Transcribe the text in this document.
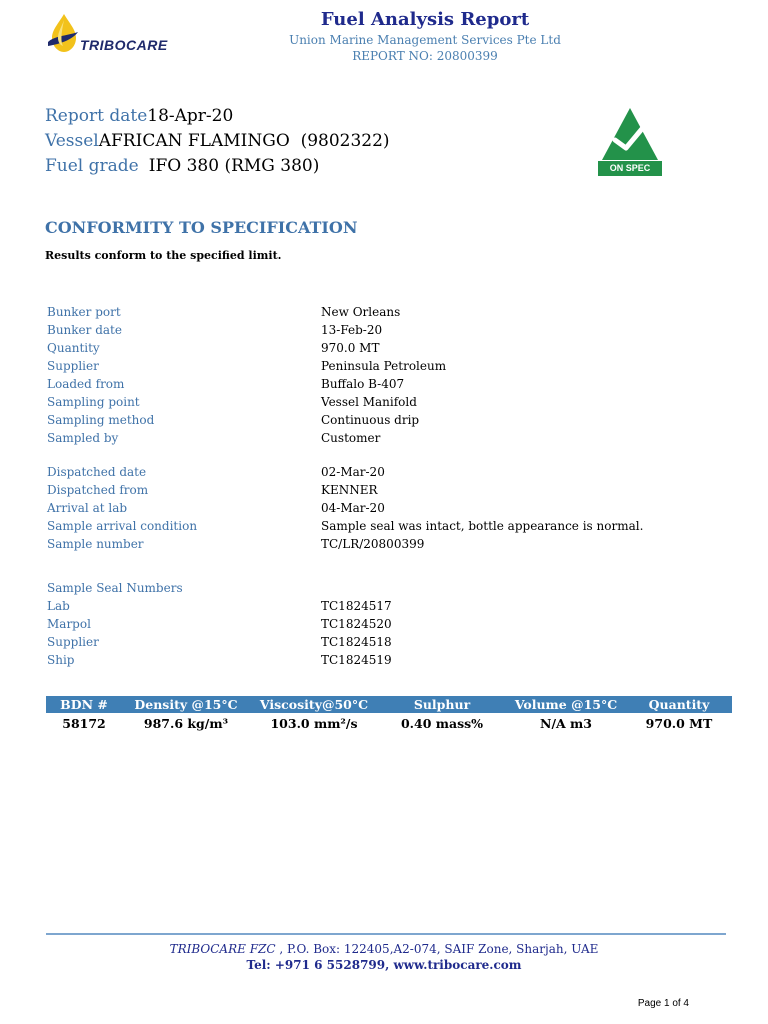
TRIBOCARE
Fuel Analysis Report
Union Marine Management Services Pte Ltd
REPORT NO: 20800399
Report date18-Apr-20
VesselAFRICAN FLAMINGO  (9802322)
Fuel grade IFO 380 (RMG 380)	ON SPEC
CONFORMITY TO SPECIFICATION
Results conform to the specified limit.
Bunker port	New Orleans
Bunker date	13-Feb-20
Quantity	970.0 MT
Supplier	Peninsula Petroleum
Loaded from	Buffalo B-407
Sampling point	Vessel Manifold
Sampling method	Continuous drip
Sampled by	Customer
Dispatched date	02-Mar-20
Dispatched from	KENNER
Arrival at lab	04-Mar-20
Sample arrival condition	Sample seal was intact, bottle appearance is normal.
Sample number	TC/LR/20800399
Sample Seal Numbers
Lab	TC1824517
Marpol	TC1824520
Supplier	TC1824518
Ship	TC1824519
BDN #	Density @15°C	Viscosity@50°C	Sulphur	Volume @15°C	Quantity
58172	987.6 kg/m³	103.0 mm²/s	0.40 mass%	N/A m3	970.0 MT
TRIBOCARE FZC , P.O. Box: 122405,A2-074, SAIF Zone, Sharjah, UAE
Tel: +971 6 5528799, www.tribocare.com
Page 1 of 4
